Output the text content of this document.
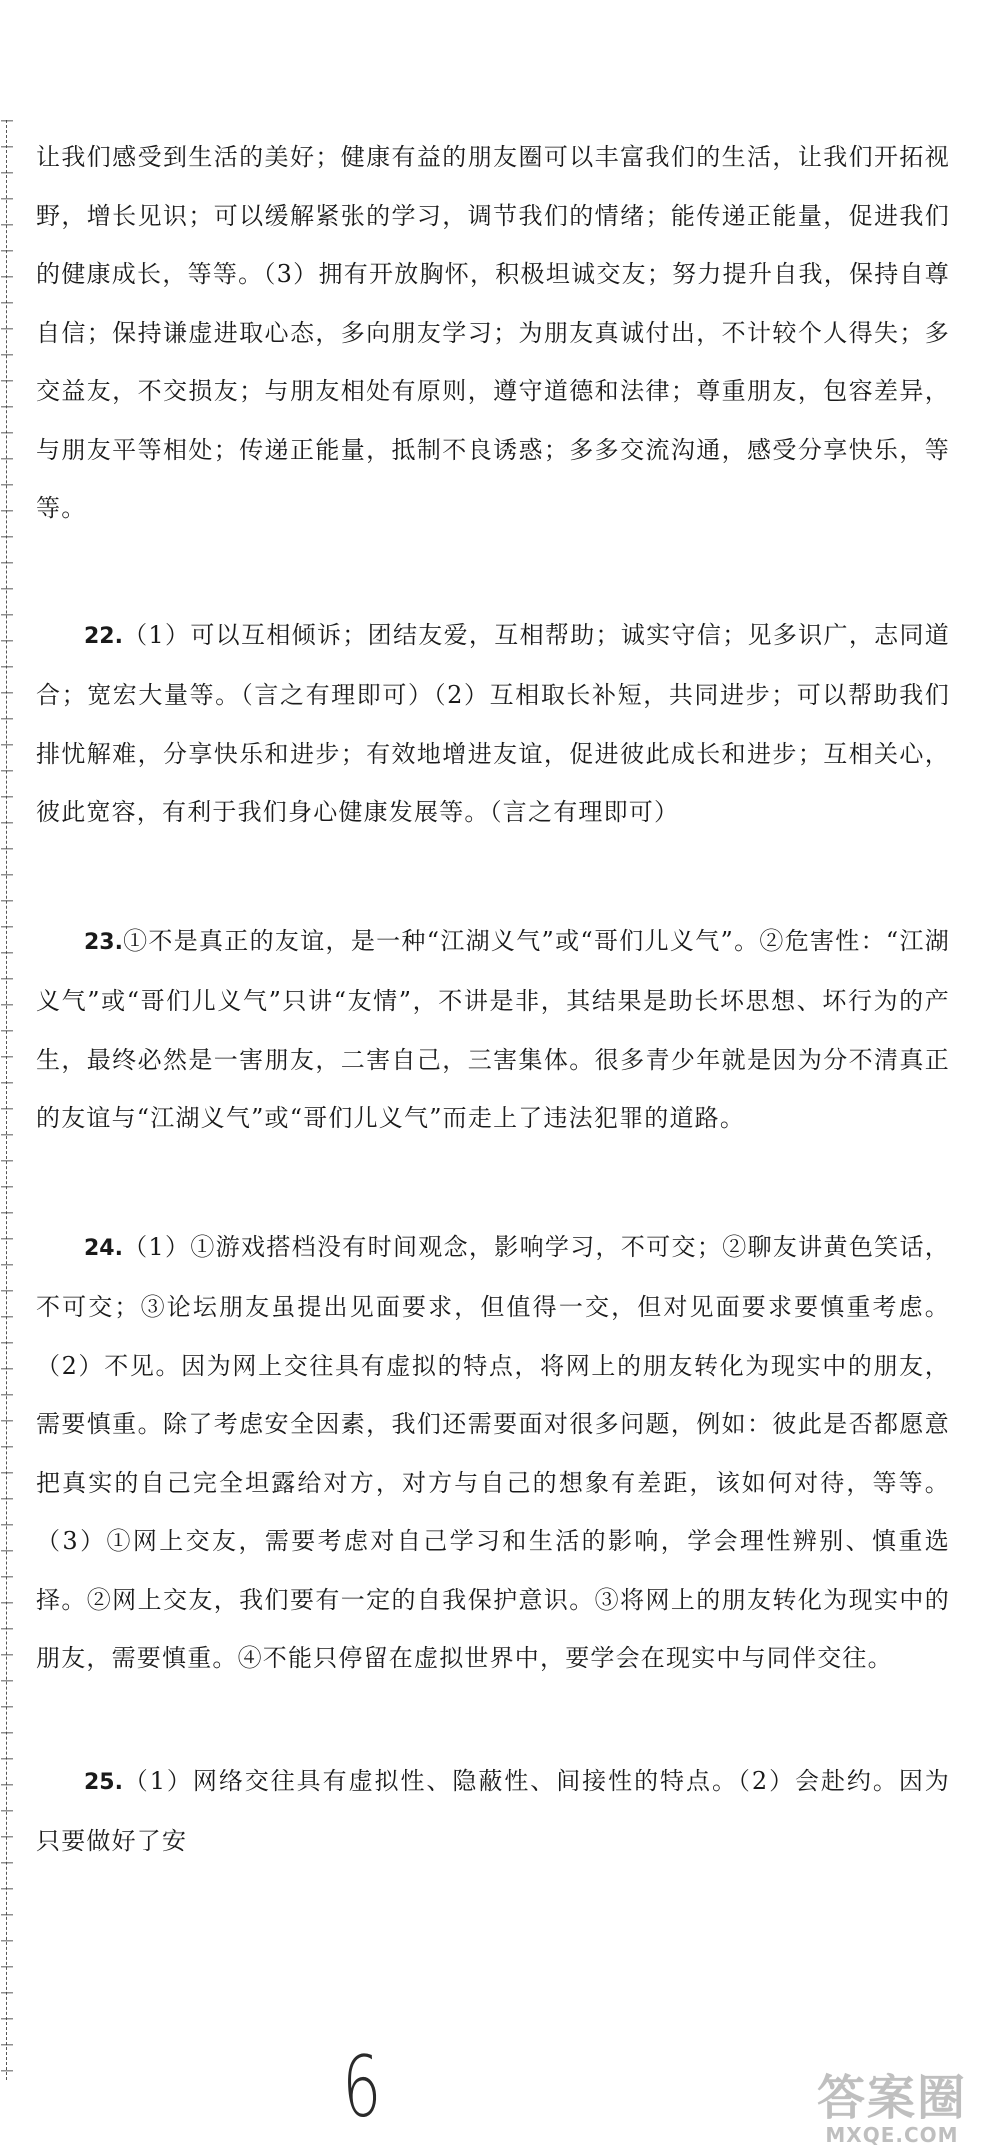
让我们感受到生活的美好；健康有益的朋友圈可以丰富我们的生活，让我们开拓视野，增长见识；可以缓解紧张的学习，调节我们的情绪；能传递正能量，促进我们的健康成长，等等。（3）拥有开放胸怀，积极坦诚交友；努力提升自我，保持自尊自信；保持谦虚进取心态，多向朋友学习；为朋友真诚付出，不计较个人得失；多交益友，不交损友；与朋友相处有原则，遵守道德和法律；尊重朋友，包容差异，与朋友平等相处；传递正能量，抵制不良诱惑；多多交流沟通，感受分享快乐，等等。

22.（1）可以互相倾诉；团结友爱，互相帮助；诚实守信；见多识广，志同道合；宽宏大量等。（言之有理即可）（2）互相取长补短，共同进步；可以帮助我们排忧解难，分享快乐和进步；有效地增进友谊，促进彼此成长和进步；互相关心，彼此宽容，有利于我们身心健康发展等。（言之有理即可）

23.①不是真正的友谊，是一种“江湖义气”或“哥们儿义气”。②危害性：“江湖义气”或“哥们儿义气”只讲“友情”，不讲是非，其结果是助长坏思想、坏行为的产生，最终必然是一害朋友，二害自己，三害集体。很多青少年就是因为分不清真正的友谊与“江湖义气”或“哥们儿义气”而走上了违法犯罪的道路。

24.（1）①游戏搭档没有时间观念，影响学习，不可交；②聊友讲黄色笑话，不可交；③论坛朋友虽提出见面要求，但值得一交，但对见面要求要慎重考虑。（2）不见。因为网上交往具有虚拟的特点，将网上的朋友转化为现实中的朋友，需要慎重。除了考虑安全因素，我们还需要面对很多问题，例如：彼此是否都愿意把真实的自己完全坦露给对方，对方与自己的想象有差距，该如何对待，等等。（3）①网上交友，需要考虑对自己学习和生活的影响，学会理性辨别、慎重选择。②网上交友，我们要有一定的自我保护意识。③将网上的朋友转化为现实中的朋友，需要慎重。④不能只停留在虚拟世界中，要学会在现实中与同伴交往。

25.（1）网络交往具有虚拟性、隐蔽性、间接性的特点。（2）会赴约。因为只要做好了安

6	答案圈
MXQE.COM
